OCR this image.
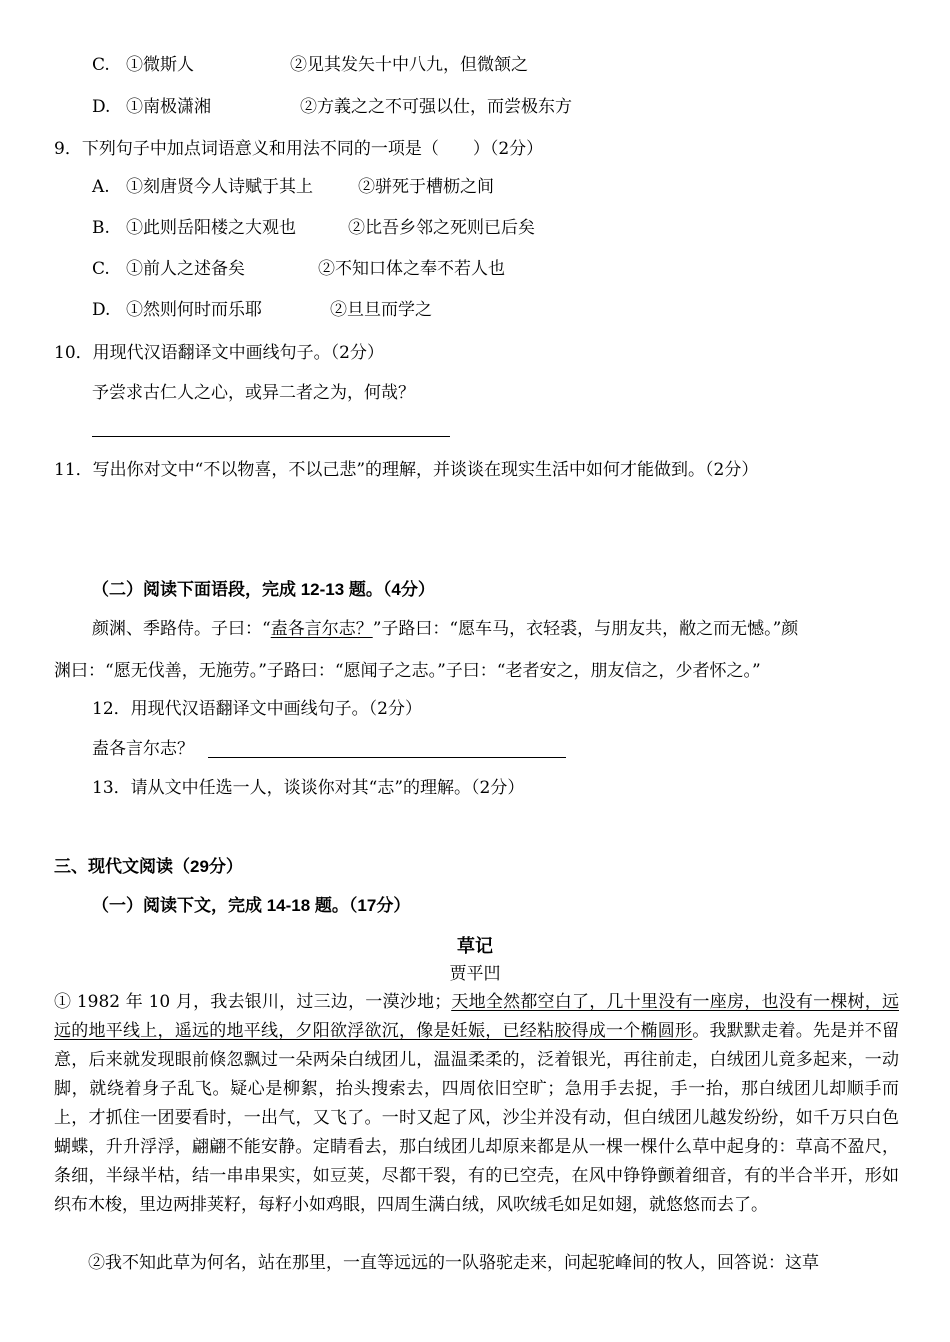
C. ①微斯人	②见其发矢十中八九，但微颔之
D. ①南极潇湘	②方義之之不可强以仕，而尝极东方
9．下列句子中加点词语意义和用法不同的一项是（　　）（2分）
A. ①刻唐贤今人诗赋于其上	②骈死于槽枥之间
B. ①此则岳阳楼之大观也	②比吾乡邻之死则已后矣
C. ①前人之述备矣	②不知口体之奉不若人也
D. ①然则何时而乐耶	②旦旦而学之
10．用现代汉语翻译文中画线句子。（2分）
予尝求古仁人之心，或异二者之为，何哉？
11．写出你对文中“不以物喜，不以己悲”的理解，并谈谈在现实生活中如何才能做到。（2分）
（二）阅读下面语段，完成 12-13 题。（4分）
颜渊、季路侍。子曰：“盍各言尔志？”子路曰：“愿车马，衣轻裘，与朋友共，敝之而无憾。”颜
渊曰：“愿无伐善，无施劳。”子路曰：“愿闻子之志。”子曰：“老者安之，朋友信之，少者怀之。”
12．用现代汉语翻译文中画线句子。（2分）
盍各言尔志？
13．请从文中任选一人，谈谈你对其“志”的理解。（2分）
三、现代文阅读（29分）
（一）阅读下文，完成 14-18 题。（17分）
草记
贾平凹
① 1982 年 10 月，我去银川，过三边，一漠沙地；天地全然都空白了，几十里没有一座房，也没有一棵树，远远的地平线上，遥远的地平线，夕阳欲浮欲沉，像是妊娠，已经粘胶得成一个椭圆形。我默默走着。先是并不留意，后来就发现眼前倏忽飘过一朵两朵白绒团儿，温温柔柔的，泛着银光，再往前走，白绒团儿竟多起来，一动脚，就绕着身子乱飞。疑心是柳絮，抬头搜索去，四周依旧空旷；急用手去捉，手一抬，那白绒团儿却顺手而上，才抓住一团要看时，一出气，又飞了。一时又起了风，沙尘并没有动，但白绒团儿越发纷纷，如千万只白色蝴蝶，升升浮浮，翩翩不能安静。定睛看去，那白绒团儿却原来都是从一棵一棵什么草中起身的：草高不盈尺，条细，半绿半枯，结一串串果实，如豆荚，尽都干裂，有的已空壳，在风中铮铮颤着细音，有的半合半开，形如织布木梭，里边两排荚籽，每籽小如鸡眼，四周生满白绒，风吹绒毛如足如翅，就悠悠而去了。
②我不知此草为何名，站在那里，一直等远远的一队骆驼走来，问起驼峰间的牧人，回答说：这草
